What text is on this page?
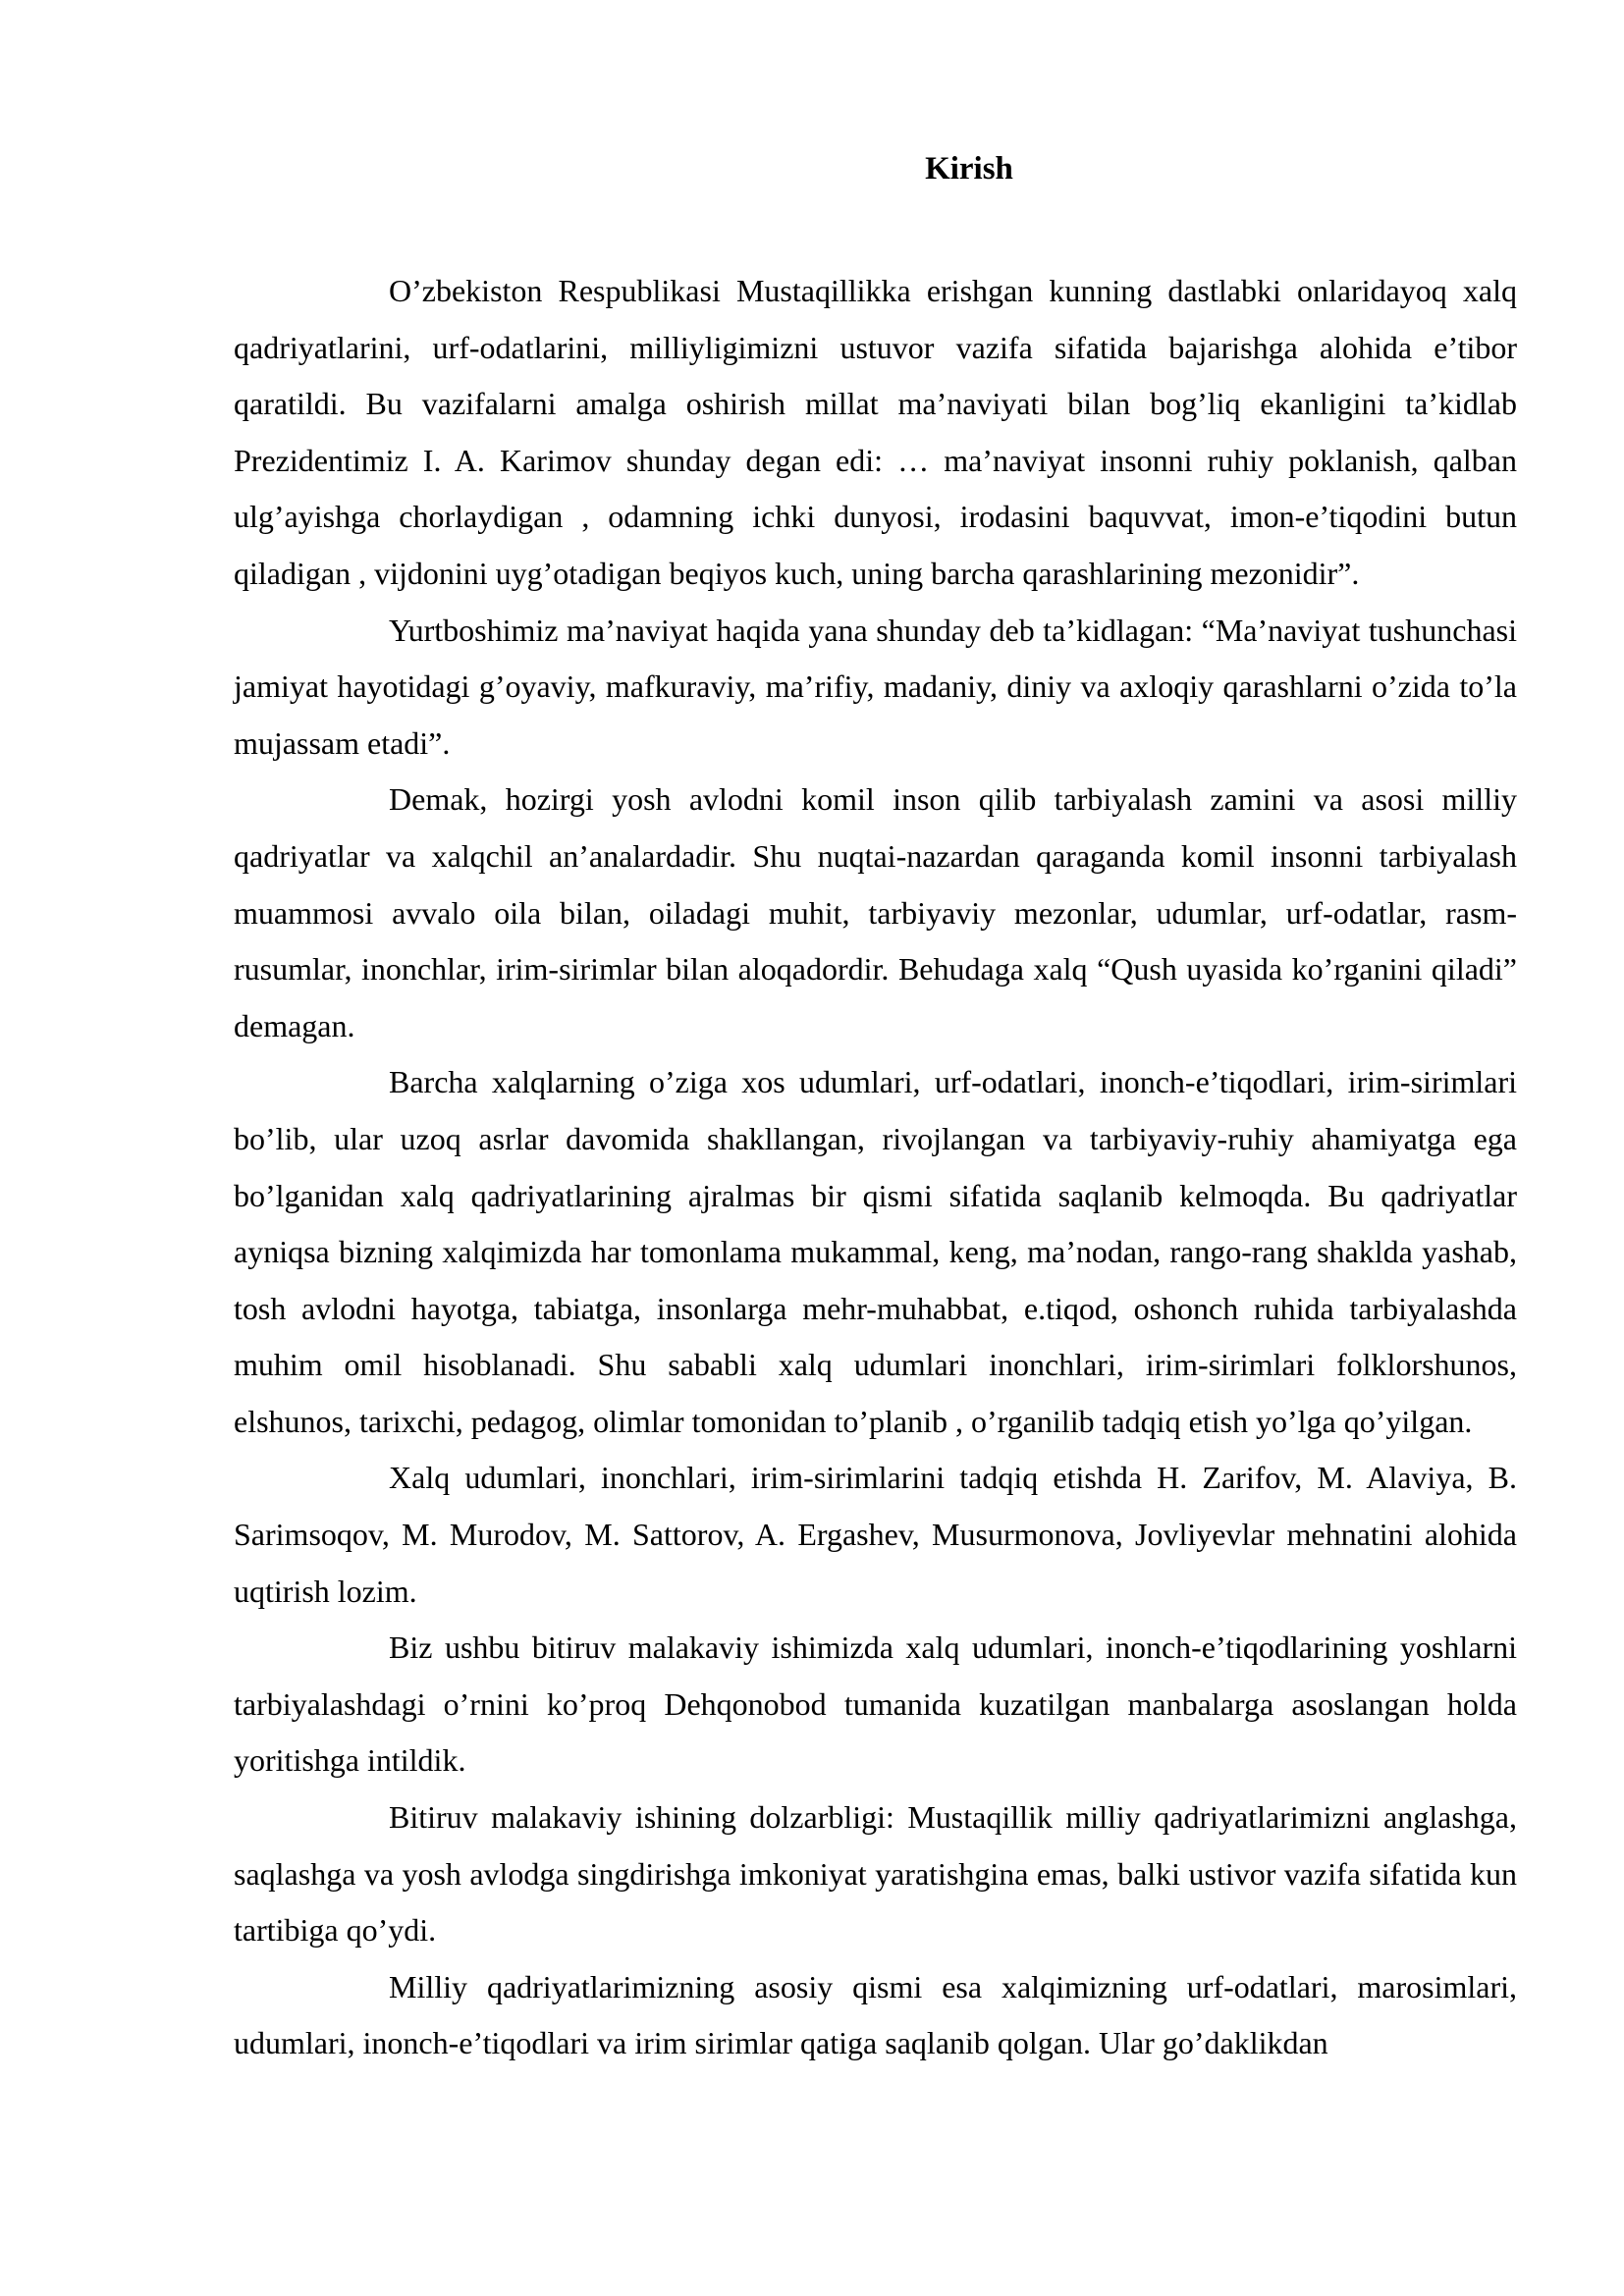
Kirish

O’zbekiston Respublikasi Mustaqillikka erishgan kunning dastlabki onlaridayoq xalq qadriyatlarini, urf-odatlarini, milliyligimizni ustuvor vazifa sifatida bajarishga alohida e’tibor qaratildi. Bu vazifalarni amalga oshirish millat ma’naviyati bilan bog’liq ekanligini ta’kidlab Prezidentimiz I. A. Karimov shunday degan edi: … ma’naviyat insonni ruhiy poklanish, qalban ulg’ayishga chorlaydigan , odamning ichki dunyosi, irodasini baquvvat, imon-e’tiqodini butun qiladigan , vijdonini uyg’otadigan beqiyos kuch, uning barcha qarashlarining mezonidir”.

Yurtboshimiz ma’naviyat haqida yana shunday deb ta’kidlagan: “Ma’naviyat tushunchasi jamiyat hayotidagi g’oyaviy, mafkuraviy, ma’rifiy, madaniy, diniy va axloqiy qarashlarni o’zida to’la mujassam etadi”.

Demak, hozirgi yosh avlodni komil inson qilib tarbiyalash zamini va asosi milliy qadriyatlar va xalqchil an’analardadir. Shu nuqtai-nazardan qaraganda komil insonni tarbiyalash muammosi avvalo oila bilan, oiladagi muhit, tarbiyaviy mezonlar, udumlar, urf-odatlar, rasm-rusumlar, inonchlar, irim-sirimlar bilan aloqadordir. Behudaga xalq “Qush uyasida ko’rganini qiladi” demagan.

Barcha xalqlarning o’ziga xos udumlari, urf-odatlari, inonch-e’tiqodlari, irim-sirimlari bo’lib, ular uzoq asrlar davomida shakllangan, rivojlangan va tarbiyaviy-ruhiy ahamiyatga ega bo’lganidan xalq qadriyatlarining ajralmas bir qismi sifatida saqlanib kelmoqda. Bu qadriyatlar ayniqsa bizning xalqimizda har tomonlama mukammal, keng, ma’nodan, rango-rang shaklda yashab, tosh avlodni hayotga, tabiatga, insonlarga mehr-muhabbat, e.tiqod, oshonch ruhida tarbiyalashda muhim omil hisoblanadi. Shu sababli xalq udumlari inonchlari, irim-sirimlari folklorshunos, elshunos, tarixchi, pedagog, olimlar tomonidan to’planib , o’rganilib tadqiq etish yo’lga qo’yilgan.

Xalq udumlari, inonchlari, irim-sirimlarini tadqiq etishda H. Zarifov, M. Alaviya, B. Sarimsoqov, M. Murodov, M. Sattorov, A. Ergashev, Musurmonova, Jovliyevlar mehnatini alohida uqtirish lozim.

Biz ushbu bitiruv malakaviy ishimizda xalq udumlari, inonch-e’tiqodlarining yoshlarni tarbiyalashdagi o’rnini ko’proq Dehqonobod tumanida kuzatilgan manbalarga asoslangan holda yoritishga intildik.

Bitiruv malakaviy ishining dolzarbligi: Mustaqillik milliy qadriyatlarimizni anglashga, saqlashga va yosh avlodga singdirishga imkoniyat yaratishgina emas, balki ustivor vazifa sifatida kun tartibiga qo’ydi.

Milliy qadriyatlarimizning asosiy qismi esa xalqimizning urf-odatlari, marosimlari, udumlari, inonch-e’tiqodlari va irim sirimlar qatiga saqlanib qolgan. Ular go’daklikdan
